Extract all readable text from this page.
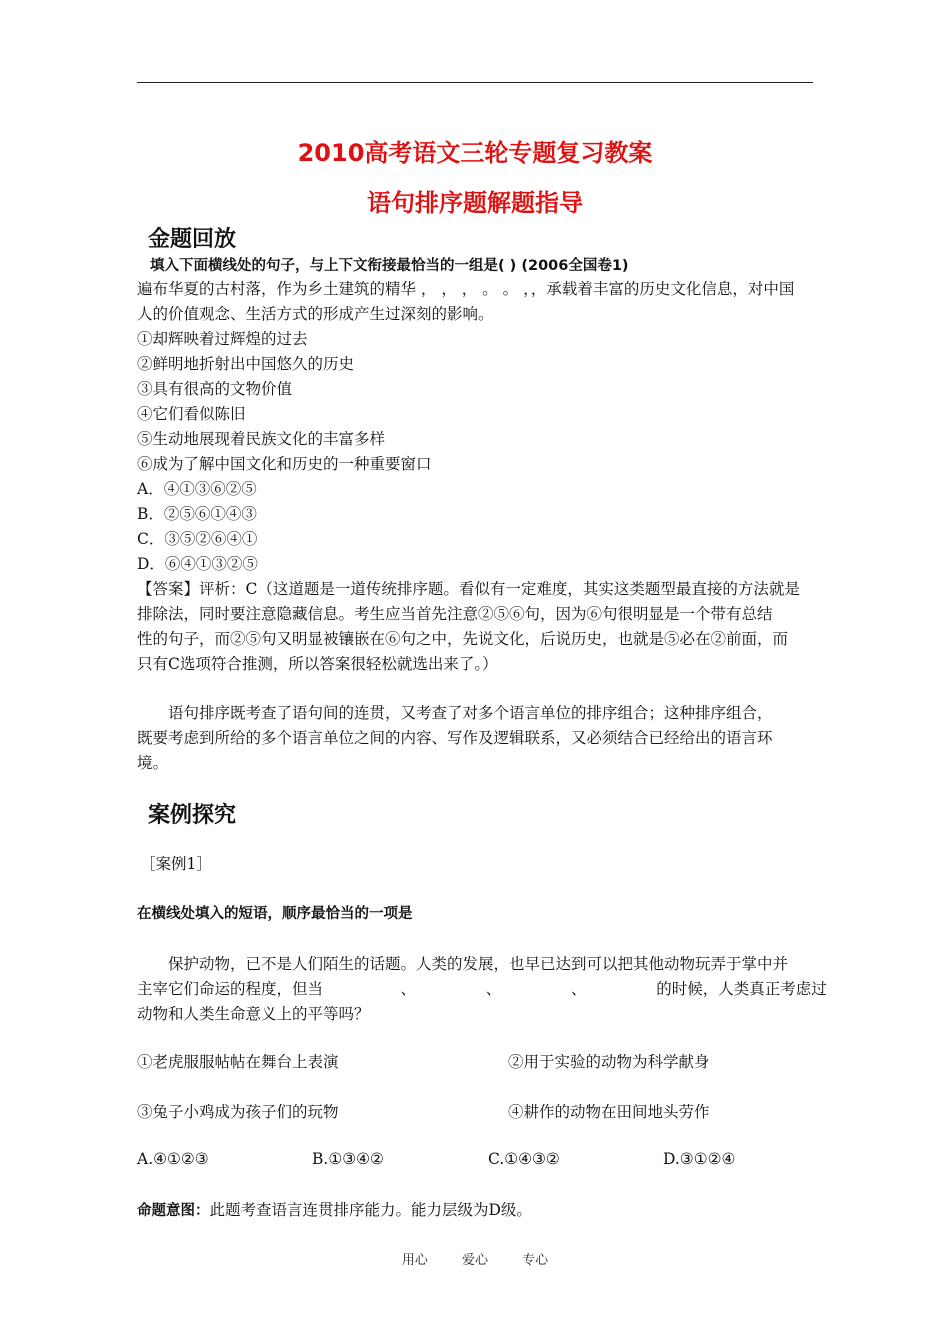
2010高考语文三轮专题复习教案
语句排序题解题指导
金题回放
填入下面横线处的句子，与上下文衔接最恰当的一组是( ) (2006全国卷1)
遍布华夏的古村落，作为乡土建筑的精华 ， ， ， 。 。 ，，承载着丰富的历史文化信息，对中国
人的价值观念、生活方式的形成产生过深刻的影响。
①却辉映着过辉煌的过去
②鲜明地折射出中国悠久的历史
③具有很高的文物价值
④它们看似陈旧
⑤生动地展现着民族文化的丰富多样
⑥成为了解中国文化和历史的一种重要窗口
A．④①③⑥②⑤
B．②⑤⑥①④③
C．③⑤②⑥④①
D．⑥④①③②⑤
【答案】评析：C（这道题是一道传统排序题。看似有一定难度，其实这类题型最直接的方法就是
排除法，同时要注意隐藏信息。考生应当首先注意②⑤⑥句，因为⑥句很明显是一个带有总结
性的句子，而②⑤句又明显被镶嵌在⑥句之中，先说文化，后说历史，也就是⑤必在②前面，而
只有C选项符合推测，所以答案很轻松就选出来了。）
语句排序既考查了语句间的连贯，又考查了对多个语言单位的排序组合；这种排序组合，
既要考虑到所给的多个语言单位之间的内容、写作及逻辑联系，又必须结合已经给出的语言环
境。
案例探究
［案例1］
在横线处填入的短语，顺序最恰当的一项是
保护动物，已不是人们陌生的话题。人类的发展，也早已达到可以把其他动物玩弄于掌中并
主宰它们命运的程度，但当　　　　　、　　　　　、　　　　　、　　　　　的时候，人类真正考虑过
动物和人类生命意义上的平等吗？
①老虎服服帖帖在舞台上表演	②用于实验的动物为科学献身
③兔子小鸡成为孩子们的玩物	④耕作的动物在田间地头劳作
A.④①②③	B.①③④②	C.①④③②	D.③①②④
命题意图：此题考查语言连贯排序能力。能力层级为D级。
用心	爱心	专心
